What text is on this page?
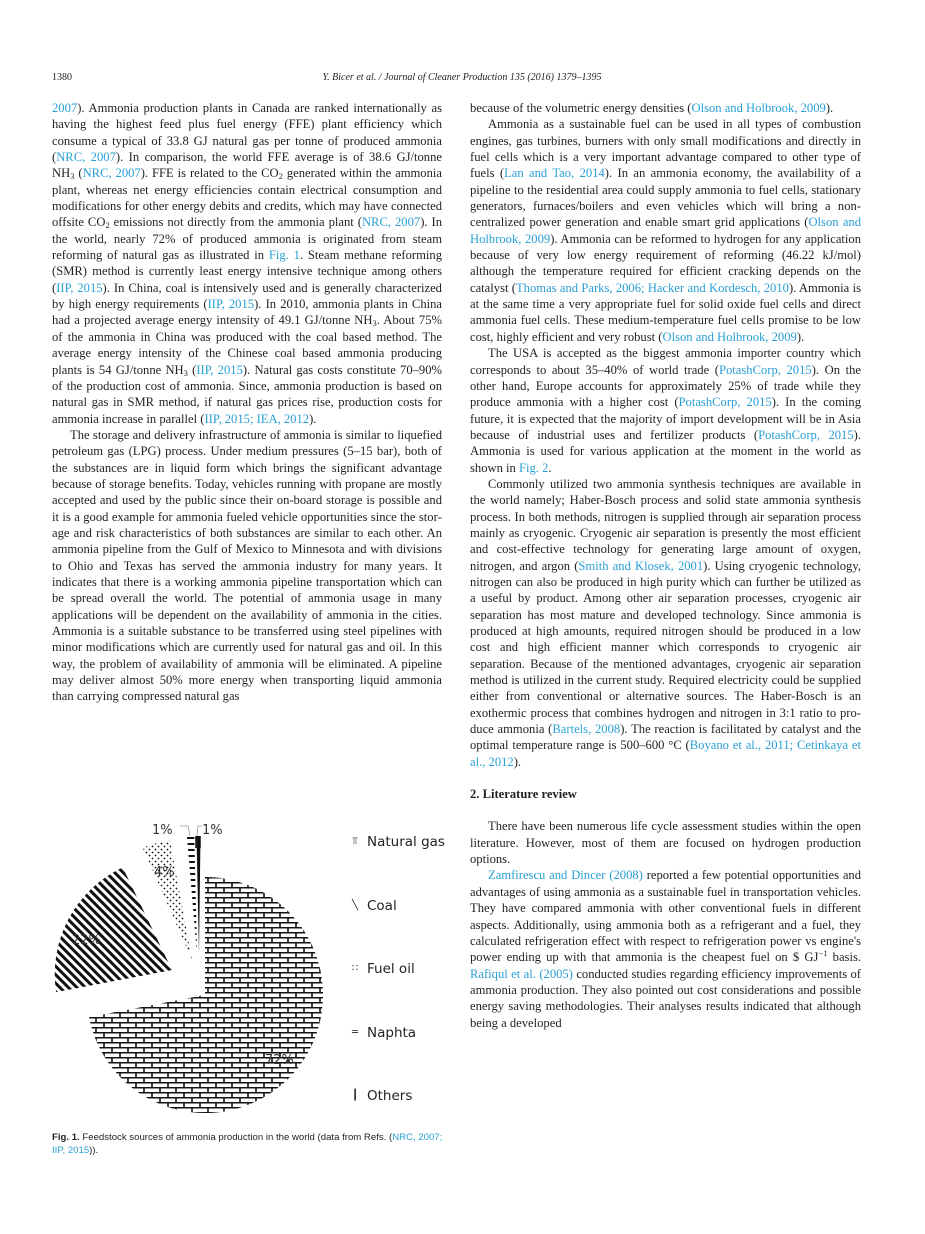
1380	Y. Bicer et al. / Journal of Cleaner Production 135 (2016) 1379–1395

2007). Ammonia production plants in Canada are ranked internationally as having the highest feed plus fuel energy (FFE) plant efficiency which consume a typical of 33.8 GJ natural gas per tonne of produced ammonia (NRC, 2007). In comparison, the world FFE average is of 38.6 GJ/tonne $NH_3$ (NRC, 2007). FFE is related to the $CO_2$ generated within the ammonia plant, whereas net energy efficiencies contain electrical consumption and modifications for other energy debits and credits, which may have connected offsite $CO_2$ emissions not directly from the ammonia plant (NRC, 2007). In the world, nearly 72% of produced ammonia is originated from steam reforming of natural gas as illustrated in Fig. 1. Steam methane reforming (SMR) method is currently least energy intensive technique among others (IIP, 2015). In China, coal is intensively used and is generally characterized by high energy requirements (IIP, 2015). In 2010, ammonia plants in China had a projected average energy intensity of 49.1 GJ/tonne $NH_3$. About 75% of the ammonia in China was produced with the coal based method. The average energy intensity of the Chinese coal based ammonia producing plants is 54 GJ/tonne $NH_3$ (IIP, 2015). Natural gas costs constitute 70–90% of the production cost of ammonia. Since, ammonia production is based on natural gas in SMR method, if natural gas prices rise, production costs for ammonia increase in parallel (IIP, 2015; IEA, 2012).

The storage and delivery infrastructure of ammonia is similar to liquefied petroleum gas (LPG) process. Under medium pressures (5–15 bar), both of the substances are in liquid form which brings the significant advantage because of storage benefits. Today, vehicles running with propane are mostly accepted and used by the public since their on-board storage is possible and it is a good example for ammonia fueled vehicle opportunities since the storage and risk characteristics of both substances are similar to each other. An ammonia pipeline from the Gulf of Mexico to Minnesota and with divisions to Ohio and Texas has served the ammonia industry for many years. It indicates that there is a working ammonia pipeline transportation which can be spread overall the world. The potential of ammonia usage in many applications will be dependent on the availability of ammonia in the cities. Ammonia is a suitable substance to be transferred using steel pipelines with minor modifications which are currently used for natural gas and oil. In this way, the problem of availability of ammonia will be eliminated. A pipeline may deliver almost 50% more energy when transporting liquid ammonia than carrying compressed natural gas

1% 1%
4%
22%
72%
⫪ Natural gas
╲ Coal
∷ Fuel oil
═ Naphta
┃ Others
Fig. 1. Feedstock sources of ammonia production in the world (data from Refs. (NRC, 2007; IIP, 2015)).

because of the volumetric energy densities (Olson and Holbrook, 2009).

Ammonia as a sustainable fuel can be used in all types of combustion engines, gas turbines, burners with only small modifications and directly in fuel cells which is a very important advantage compared to other type of fuels (Lan and Tao, 2014). In an ammonia economy, the availability of a pipeline to the residential area could supply ammonia to fuel cells, stationary generators, furnaces/boilers and even vehicles which will bring a non-centralized power generation and enable smart grid applications (Olson and Holbrook, 2009). Ammonia can be reformed to hydrogen for any application because of very low energy requirement of reforming (46.22 kJ/mol) although the temperature required for efficient cracking depends on the catalyst (Thomas and Parks, 2006; Hacker and Kordesch, 2010). Ammonia is at the same time a very appropriate fuel for solid oxide fuel cells and direct ammonia fuel cells. These medium-temperature fuel cells promise to be low cost, highly efficient and very robust (Olson and Holbrook, 2009).

The USA is accepted as the biggest ammonia importer country which corresponds to about 35–40% of world trade (PotashCorp, 2015). On the other hand, Europe accounts for approximately 25% of trade while they produce ammonia with a higher cost (PotashCorp, 2015). In the coming future, it is expected that the majority of import development will be in Asia because of industrial uses and fertilizer products (PotashCorp, 2015). Ammonia is used for various application at the moment in the world as shown in Fig. 2.

Commonly utilized two ammonia synthesis techniques are available in the world namely; Haber-Bosch process and solid state ammonia synthesis process. In both methods, nitrogen is supplied through air separation process mainly as cryogenic. Cryogenic air separation is presently the most efficient and cost-effective technology for generating large amount of oxygen, nitrogen, and argon (Smith and Klosek, 2001). Using cryogenic technology, nitrogen can also be produced in high purity which can further be utilized as a useful by product. Among other air separation processes, cryogenic air separation has most mature and developed technology. Since ammonia is produced at high amounts, required nitrogen should be produced in a low cost and high efficient manner which corresponds to cryogenic air separation. Because of the mentioned advantages, cryogenic air separation method is utilized in the current study. Required electricity could be supplied either from conventional or alternative sources. The Haber-Bosch is an exothermic process that combines hydrogen and nitrogen in 3:1 ratio to produce ammonia (Bartels, 2008). The reaction is facilitated by catalyst and the optimal temperature range is 500–600 °C (Boyano et al., 2011; Cetinkaya et al., 2012).

2. Literature review

There have been numerous life cycle assessment studies within the open literature. However, most of them are focused on hydrogen production options.

Zamfirescu and Dincer (2008) reported a few potential opportunities and advantages of using ammonia as a sustainable fuel in transportation vehicles. They have compared ammonia with other conventional fuels in different aspects. Additionally, using ammonia both as a refrigerant and a fuel, they calculated refrigeration effect with respect to refrigeration power vs engine's power ending up with that ammonia is the cheapest fuel on $ $GJ^{-1}$ basis. Rafiqul et al. (2005) conducted studies regarding efficiency improvements of ammonia production. They also pointed out cost considerations and possible energy saving methodologies. Their analyses results indicated that although being a developed
